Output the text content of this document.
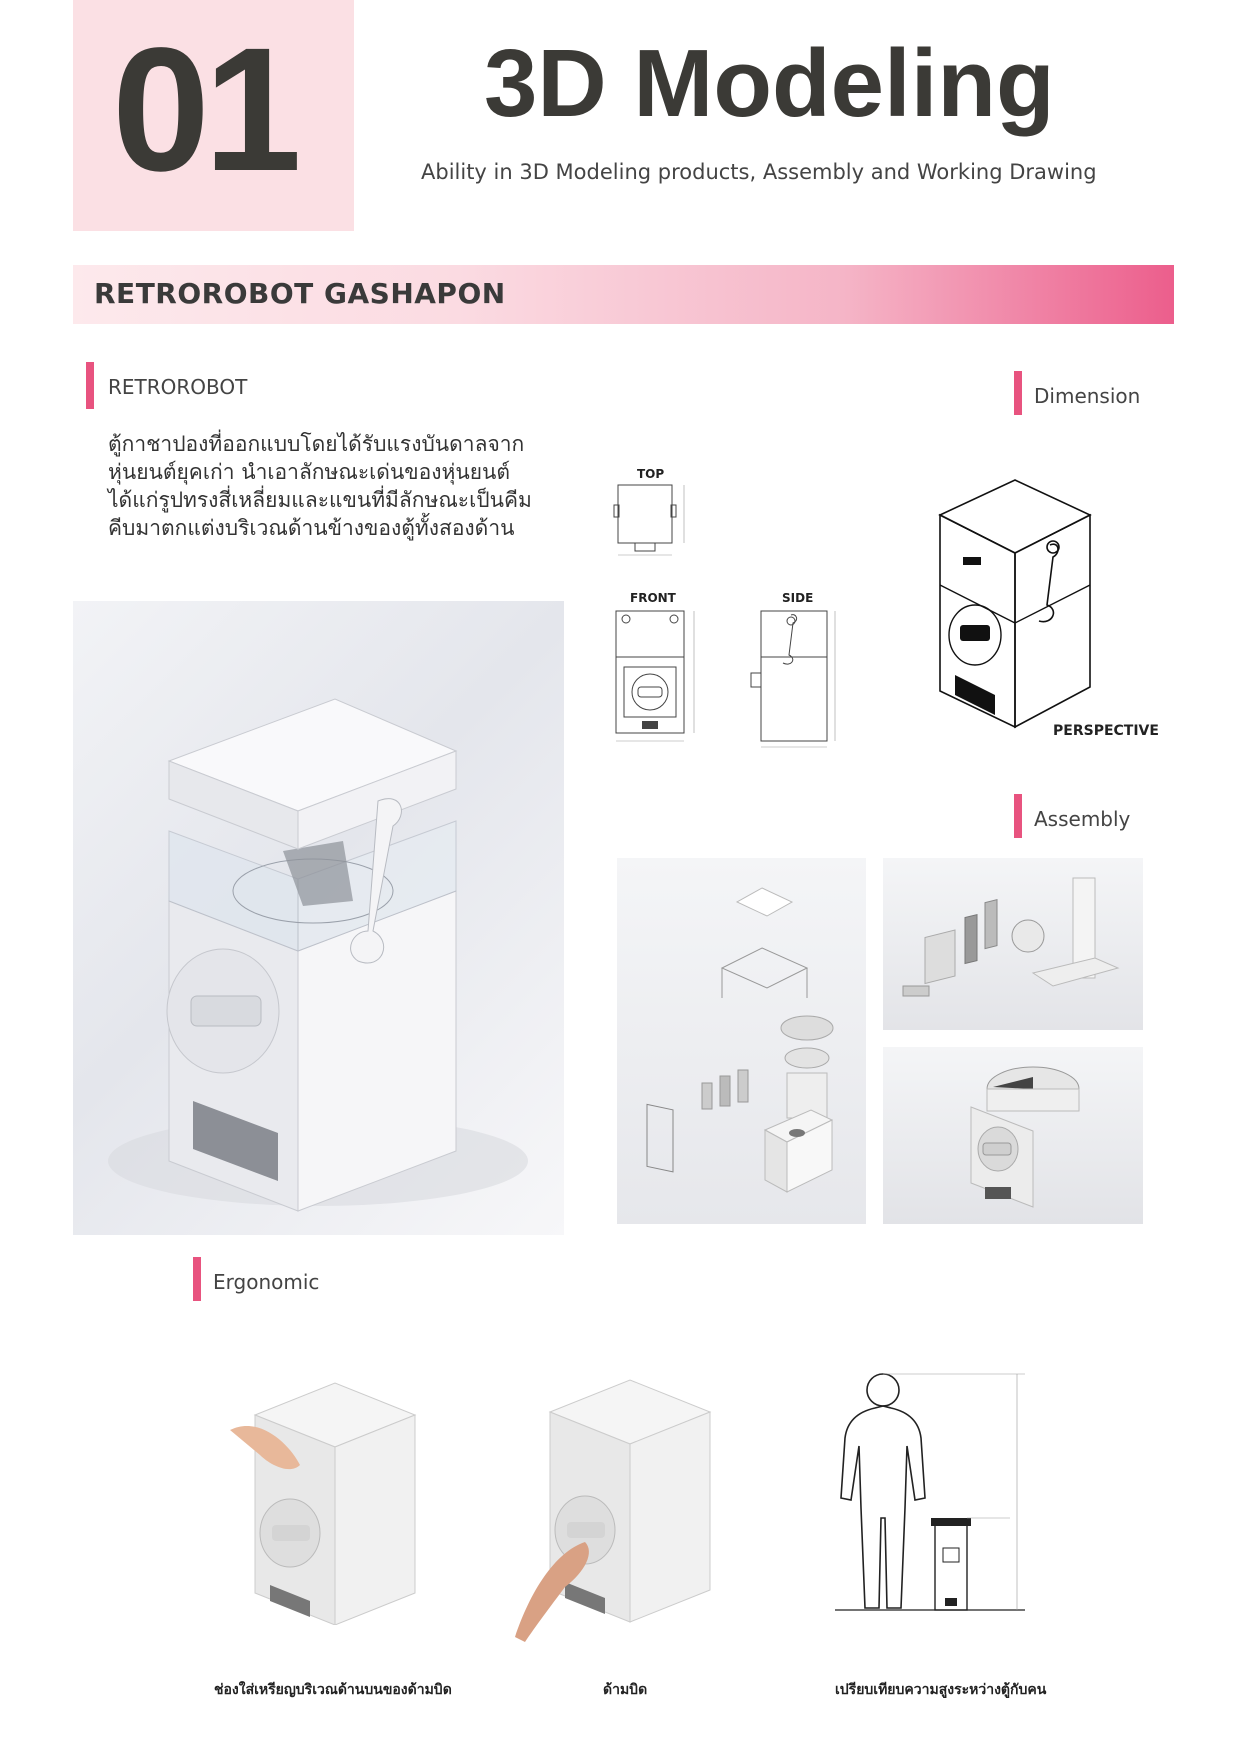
01 3D Modeling
Ability in 3D Modeling products, Assembly and Working Drawing
RETROROBOT GASHAPON
RETROROBOT
ตู้กาชาปองที่ออกแบบโดยได้รับแรงบันดาลจาก
หุ่นยนต์ยุคเก่า นำเอาลักษณะเด่นของหุ่นยนต์
ได้แก่รูปทรงสี่เหลี่ยมและแขนที่มีลักษณะเป็นคีม
คีบมาตกแต่งบริเวณด้านข้างของตู้ทั้งสองด้าน
Dimension
TOP
FRONT	SIDE
PERSPECTIVE
Assembly
Ergonomic
ช่องใส่เหรียญบริเวณด้านบนของด้ามบิด	ด้ามบิด	เปรียบเทียบความสูงระหว่างตู้กับคน
